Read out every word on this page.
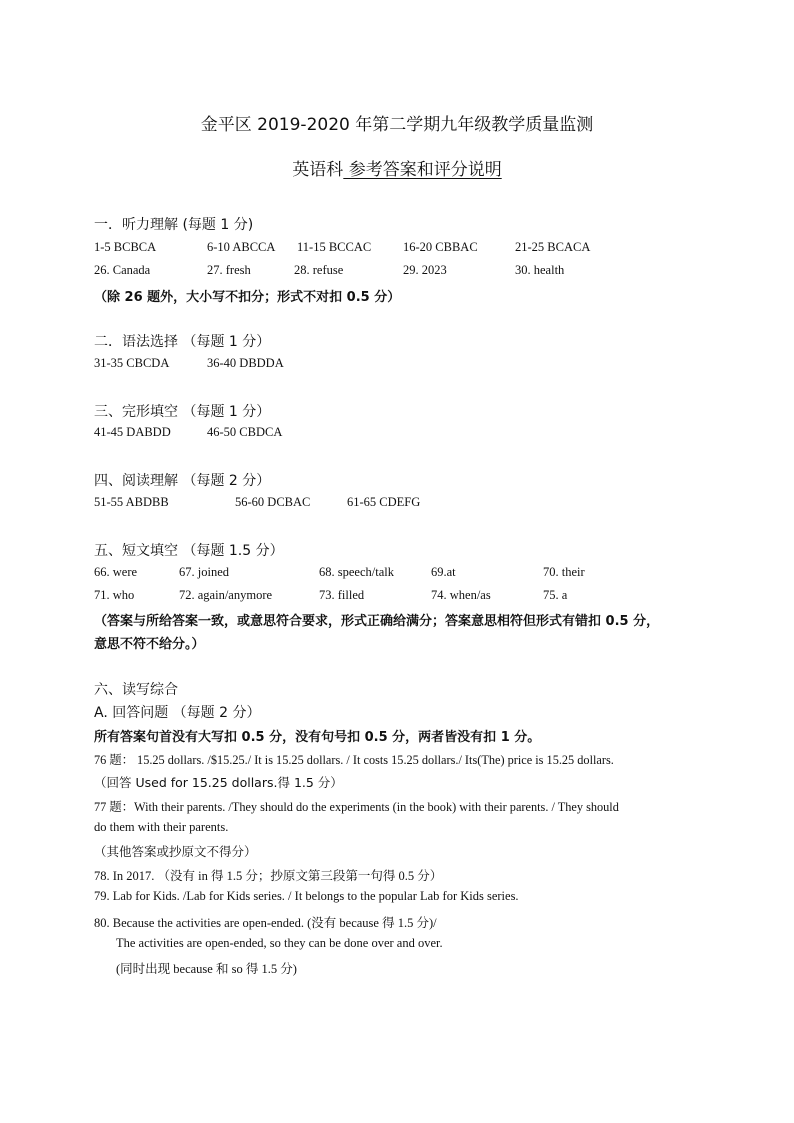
金平区 2019-2020 年第二学期九年级教学质量监测
英语科 参考答案和评分说明
一．听力理解 (每题 1 分)
1-5 BCBCA	6-10 ABCCA 11-15 BCCAC	16-20 CBBAC	21-25 BCACA
26. Canada	27. fresh	28. refuse	29. 2023	30. health
（除 26 题外，大小写不扣分；形式不对扣 0.5 分）
二．语法选择 （每题 1 分）
31-35 CBCDA	36-40 DBDDA
三、完形填空 （每题 1 分）
41-45 DABDD	46-50 CBDCA
四、阅读理解 （每题 2 分）
51-55 ABDBB	56-60 DCBAC	61-65 CDEFG
五、短文填空 （每题 1.5 分）
66. were	67. joined	68. speech/talk	69.at	70. their
71. who	72. again/anymore	73. filled	74. when/as	75. a
（答案与所给答案一致，或意思符合要求，形式正确给满分；答案意思相符但形式有错扣 0.5 分，
意思不符不给分。）
六、读写综合
A. 回答问题 （每题 2 分）
所有答案句首没有大写扣 0.5 分，没有句号扣 0.5 分，两者皆没有扣 1 分。
76 题： 15.25 dollars. /$15.25./ It is 15.25 dollars. / It costs 15.25 dollars./ Its(The) price is 15.25 dollars.
（回答 Used for 15.25 dollars.得 1.5 分）
77 题：With their parents. /They should do the experiments (in the book) with their parents. / They should
do them with their parents.
（其他答案或抄原文不得分）
78. In 2017. （没有 in 得 1.5 分；抄原文第三段第一句得 0.5 分）
79. Lab for Kids. /Lab for Kids series. / It belongs to the popular Lab for Kids series.
80. Because the activities are open-ended. (没有 because 得 1.5 分)/
The activities are open-ended, so they can be done over and over.
(同时出现 because 和 so 得 1.5 分)
